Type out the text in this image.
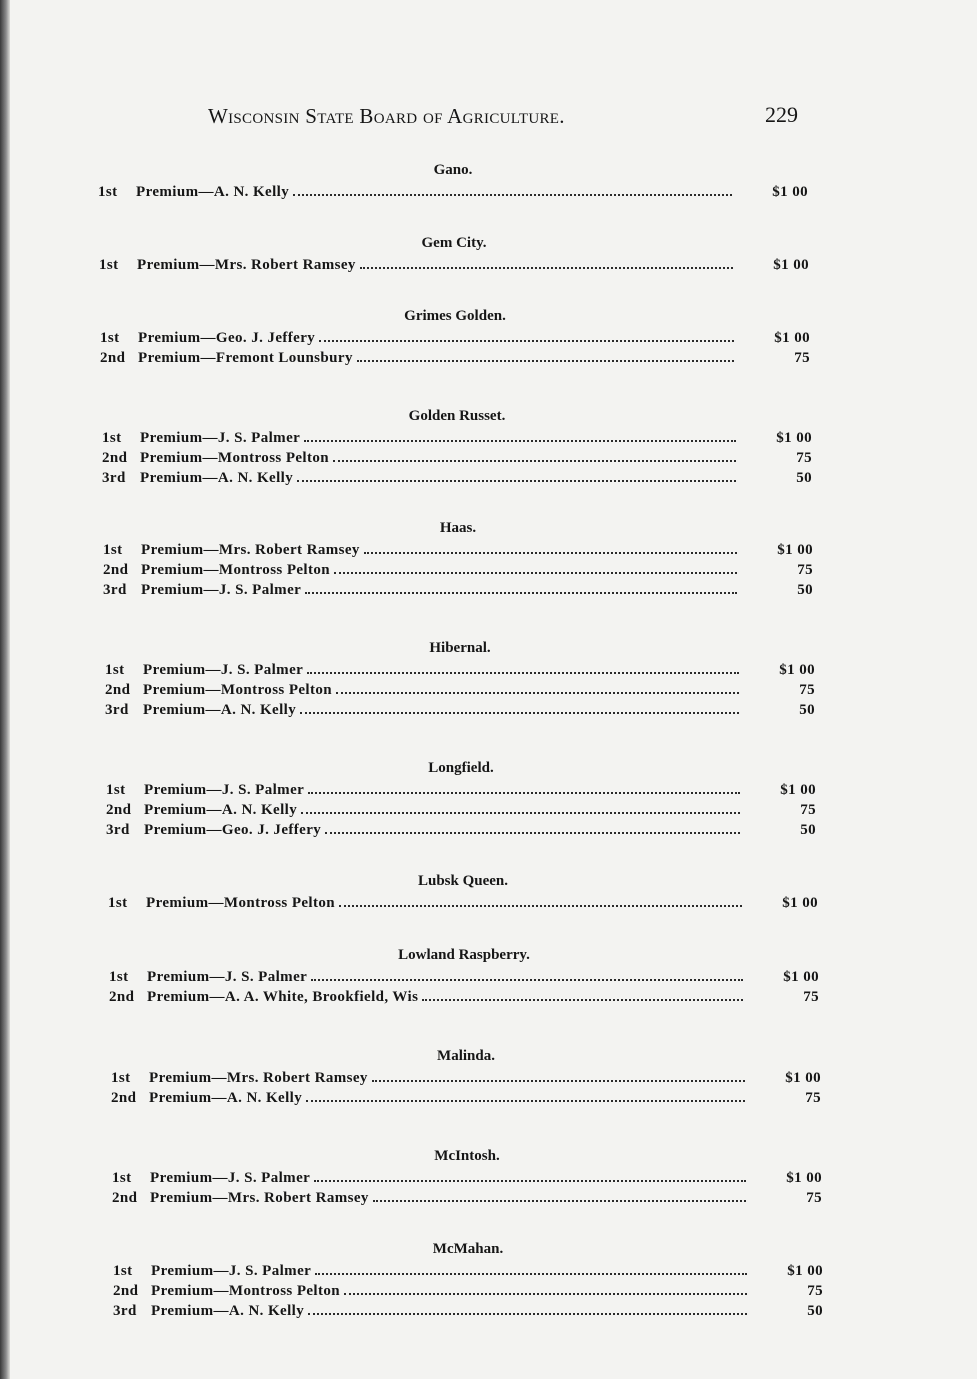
Wisconsin State Board of Agriculture.	229
Gano.
1st	Premium—A. N. Kelly	$1 00
Gem City.
1st	Premium—Mrs. Robert Ramsey	$1 00
Grimes Golden.
1st	Premium—Geo. J. Jeffery	$1 00
2nd Premium—Fremont Lounsbury	75
Golden Russet.
1st	Premium—J. S. Palmer	$1 00
2nd Premium—Montross Pelton	75
3rd Premium—A. N. Kelly	50
Haas.
1st	Premium—Mrs. Robert Ramsey	$1 00
2nd Premium—Montross Pelton	75
3rd Premium—J. S. Palmer	50
Hibernal.
1st	Premium—J. S. Palmer	$1 00
2nd Premium—Montross Pelton	75
3rd Premium—A. N. Kelly	50
Longfield.
1st	Premium—J. S. Palmer	$1 00
2nd Premium—A. N. Kelly	75
3rd Premium—Geo. J. Jeffery	50
Lubsk Queen.
1st	Premium—Montross Pelton	$1 00
Lowland Raspberry.
1st	Premium—J. S. Palmer	$1 00
2nd Premium—A. A. White, Brookfield, Wis	75
Malinda.
1st	Premium—Mrs. Robert Ramsey	$1 00
2nd Premium—A. N. Kelly	75
McIntosh.
1st	Premium—J. S. Palmer	$1 00
2nd Premium—Mrs. Robert Ramsey	75
McMahan.
1st	Premium—J. S. Palmer	$1 00
2nd Premium—Montross Pelton	75
3rd Premium—A. N. Kelly	50
